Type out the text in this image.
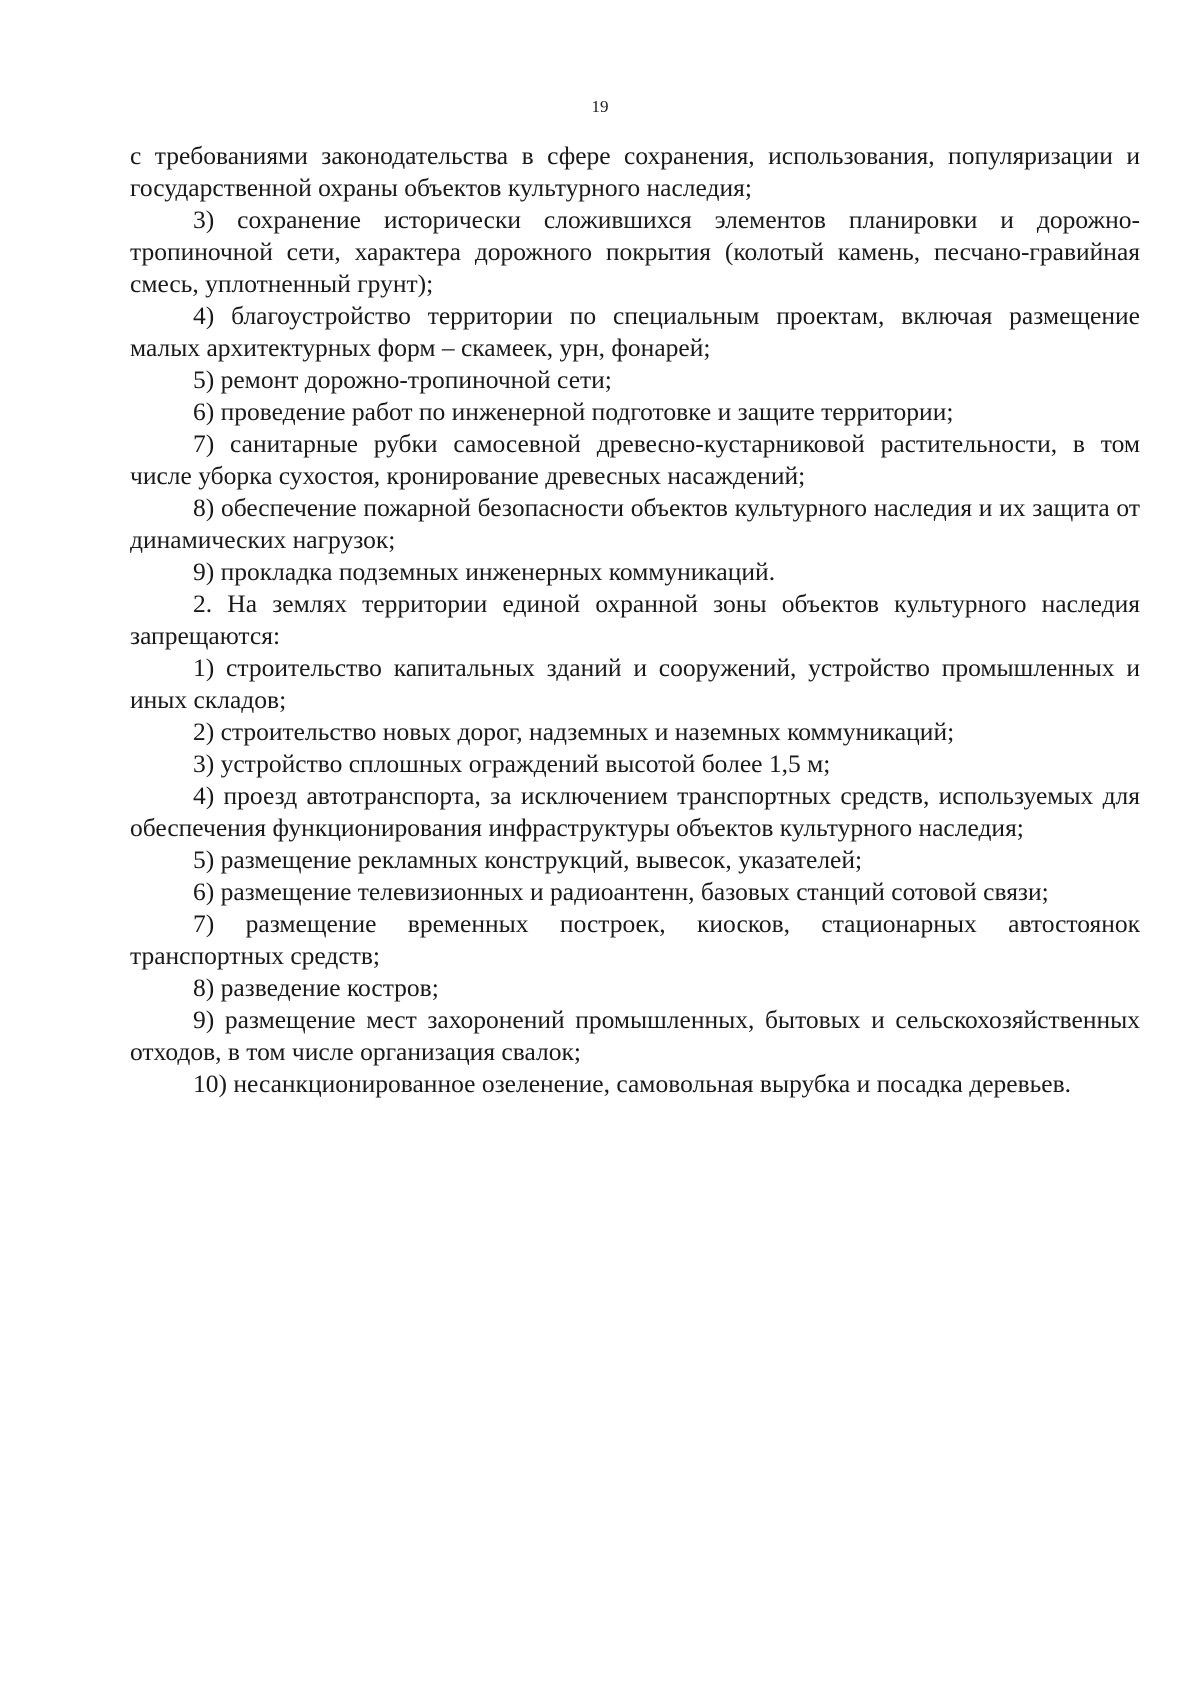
19

с требованиями законодательства в сфере сохранения, использования, популяризации и государственной охраны объектов культурного наследия;

3) сохранение исторически сложившихся элементов планировки и дорожно-тропиночной сети, характера дорожного покрытия (колотый камень, песчано-гравийная смесь, уплотненный грунт);

4) благоустройство территории по специальным проектам, включая размещение малых архитектурных форм – скамеек, урн, фонарей;

5) ремонт дорожно-тропиночной сети;

6) проведение работ по инженерной подготовке и защите территории;

7) санитарные рубки самосевной древесно-кустарниковой растительности, в том числе уборка сухостоя, кронирование древесных насаждений;

8) обеспечение пожарной безопасности объектов культурного наследия и их защита от динамических нагрузок;

9) прокладка подземных инженерных коммуникаций.

2. На землях территории единой охранной зоны объектов культурного наследия запрещаются:

1) строительство капитальных зданий и сооружений, устройство промышленных и иных складов;

2) строительство новых дорог, надземных и наземных коммуникаций;

3) устройство сплошных ограждений высотой более 1,5 м;

4) проезд автотранспорта, за исключением транспортных средств, используемых для обеспечения функционирования инфраструктуры объектов культурного наследия;

5) размещение рекламных конструкций, вывесок, указателей;

6) размещение телевизионных и радиоантенн, базовых станций сотовой связи;

7) размещение временных построек, киосков, стационарных автостоянок транспортных средств;

8) разведение костров;

9) размещение мест захоронений промышленных, бытовых и сельскохозяйственных отходов, в том числе организация свалок;

10) несанкционированное озеленение, самовольная вырубка и посадка деревьев.
